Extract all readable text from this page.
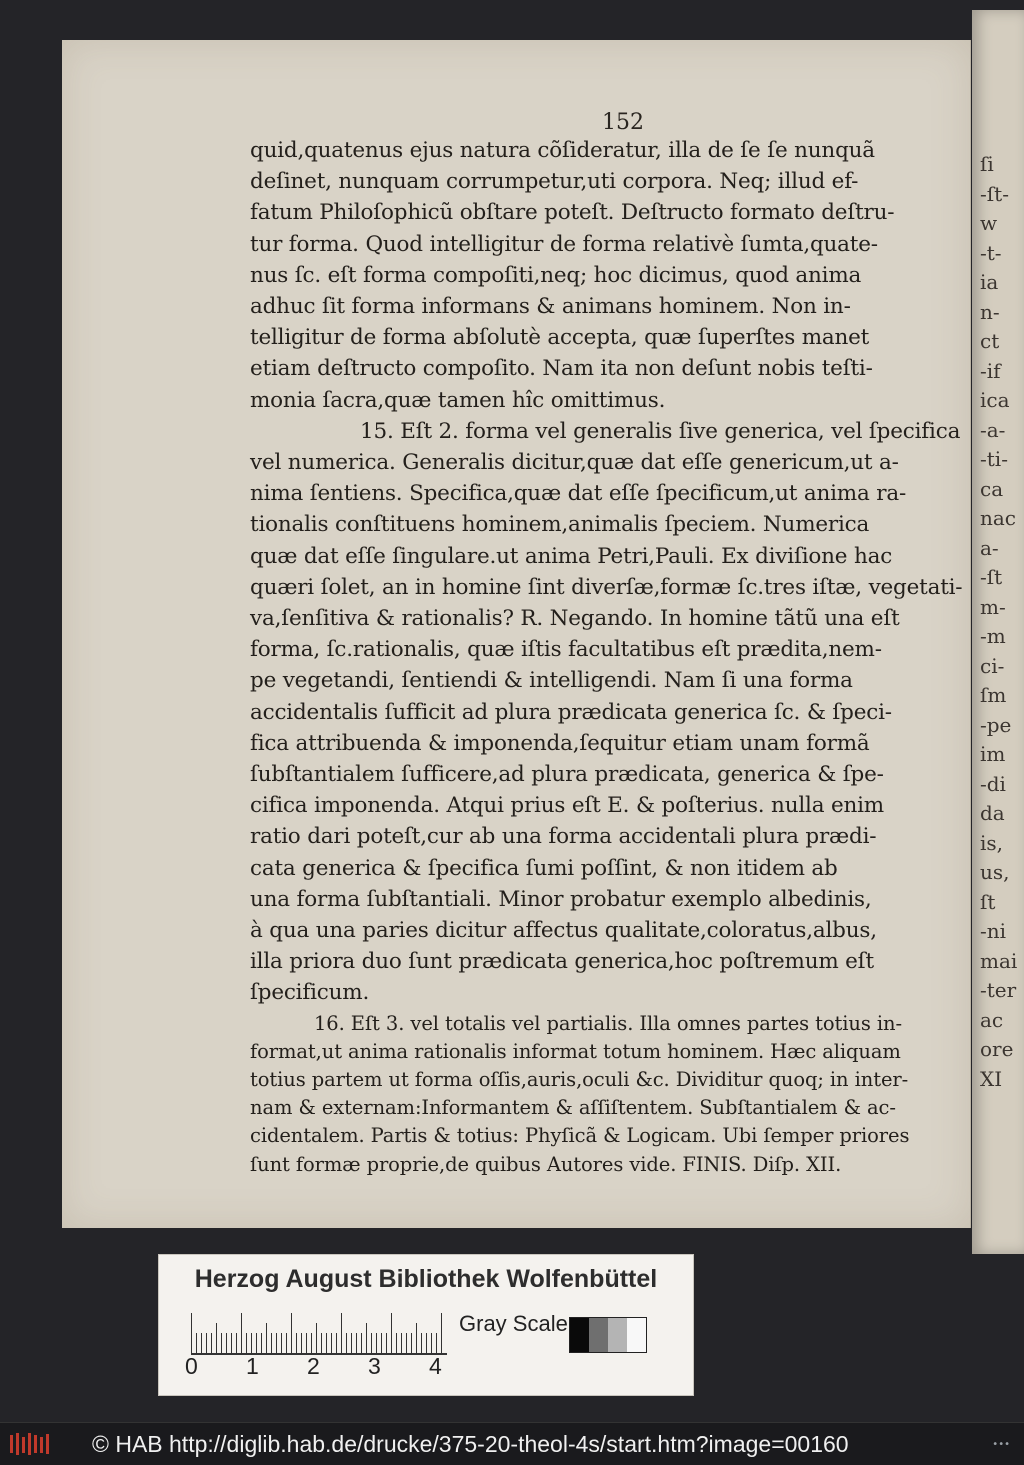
ſi
-ſt-
w
-t-
ia
n-
ct
-if
ica
-a-
-ti-
ca
nac
a-
-ſt
m-
-m
ci-
ſm
-pe
im
-di
da
is,
us,
ſt
-ni
mai
-ter
ac
ore
XI
152
quid,quatenus ejus natura cõſideratur, illa de ſe ſe nunquã
deſinet, nunquam corrumpetur,uti corpora. Neq; illud ef-
fatum Philoſophicũ obſtare poteſt. Deſtructo formato deſtru-
tur forma. Quod intelligitur de forma relativè ſumta,quate-
nus ſc. eſt forma compoſiti,neq; hoc dicimus, quod anima
adhuc ſit forma informans & animans hominem. Non in-
telligitur de forma abſolutè accepta, quæ ſuperſtes manet
etiam deſtructo compoſito. Nam ita non deſunt nobis teſti-
monia ſacra,quæ tamen hîc omittimus.
15. Eſt 2. forma vel generalis ſive generica, vel ſpecifica
vel numerica. Generalis dicitur,quæ dat eſſe genericum,ut a-
nima ſentiens. Specifica,quæ dat eſſe ſpecificum,ut anima ra-
tionalis conſtituens hominem,animalis ſpeciem. Numerica
quæ dat eſſe ſingulare.ut anima Petri,Pauli. Ex diviſione hac
quæri ſolet, an in homine ſint diverſæ,formæ ſc.tres iſtæ, vegetati-
va,ſenſitiva & rationalis? R. Negando. In homine tãtũ una eſt
forma, ſc.rationalis, quæ iſtis facultatibus eſt prædita,nem-
pe vegetandi, ſentiendi & intelligendi. Nam ſi una forma
accidentalis ſufficit ad plura prædicata generica ſc. & ſpeci-
fica attribuenda & imponenda,ſequitur etiam unam formã
ſubſtantialem ſufficere,ad plura prædicata, generica & ſpe-
cifica imponenda. Atqui prius eſt E. & poſterius. nulla enim
ratio dari poteſt,cur ab una forma accidentali plura prædi-
cata generica & ſpecifica ſumi poſſint, & non itidem ab
una forma ſubſtantiali. Minor probatur exemplo albedinis,
à qua una paries dicitur affectus qualitate,coloratus,albus,
illa priora duo ſunt prædicata generica,hoc poſtremum eſt
ſpecificum.
16. Eſt 3. vel totalis vel partialis. Illa omnes partes totius in-
format,ut anima rationalis informat totum hominem. Hæc aliquam
totius partem ut forma oſſis,auris,oculi &c. Dividitur quoq; in inter-
nam & externam:Informantem & aſſiſtentem. Subſtantialem & ac-
cidentalem. Partis & totius: Phyſicã & Logicam. Ubi ſemper priores
ſunt formæ proprie,de quibus Autores vide. FINIS. Diſp. XII.
Herzog August Bibliothek Wolfenbüttel
Gray Scale
0 1 2 3 4
© HAB http://diglib.hab.de/drucke/375-20-theol-4s/start.htm?image=00160	•••
